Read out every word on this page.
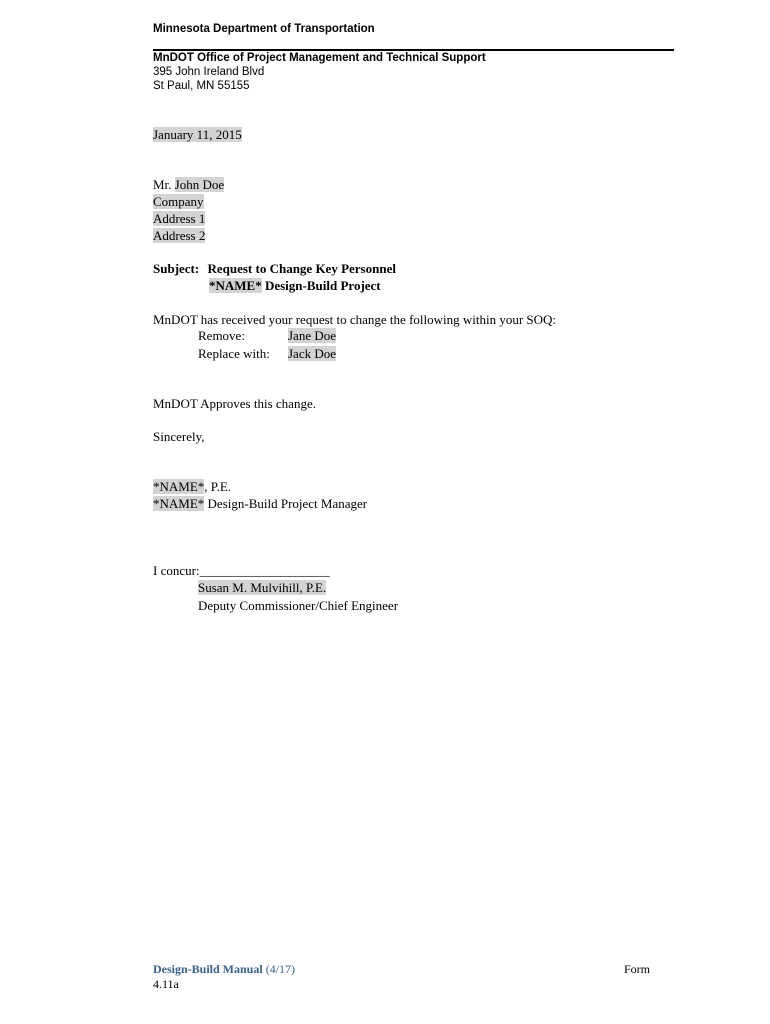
Minnesota Department of Transportation
MnDOT Office of Project Management and Technical Support
395 John Ireland Blvd
St Paul, MN 55155
January 11, 2015
Mr. John Doe
Company
Address 1
Address 2
Subject: Request to Change Key Personnel
*NAME* Design-Build Project
MnDOT has received your request to change the following within your SOQ:
Remove:	Jane Doe
Replace with: Jack Doe
MnDOT Approves this change.
Sincerely,
*NAME*, P.E.
*NAME* Design-Build Project Manager
I concur:____________________
Susan M. Mulvihill, P.E.
Deputy Commissioner/Chief Engineer
Design-Build Manual (4/17)	Form
4.11a
